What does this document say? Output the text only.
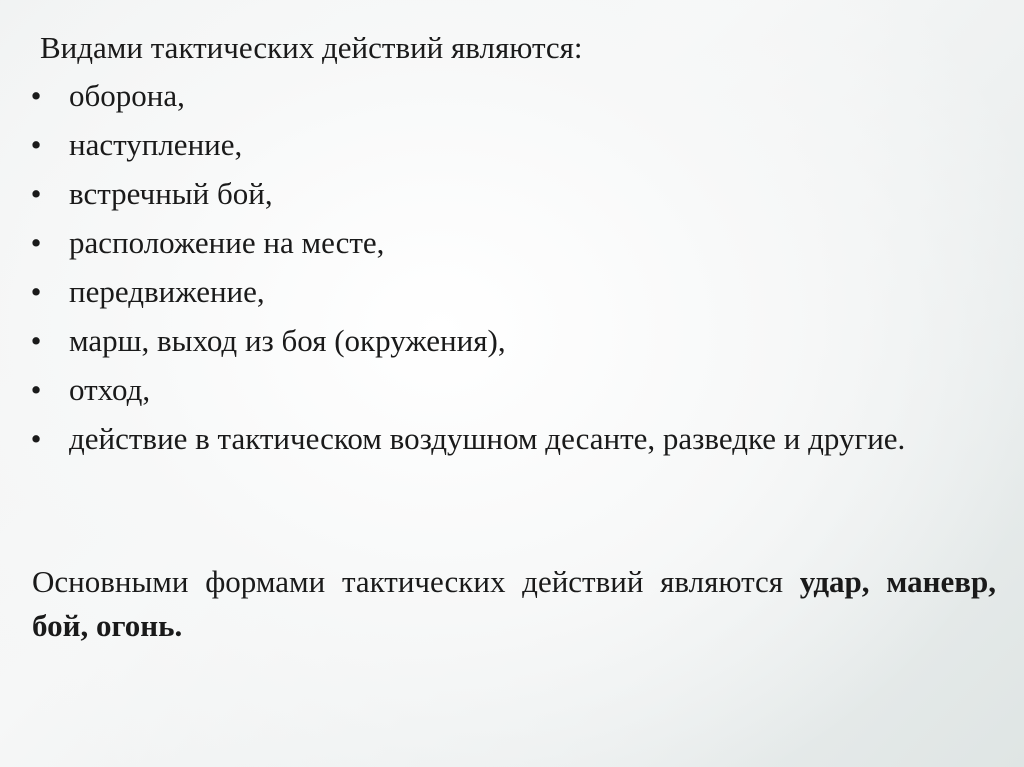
Видами тактических действий являются:
• оборона,
• наступление,
• встречный бой,
• расположение на месте,
• передвижение,
• марш, выход из боя (окружения),
• отход,
• действие в тактическом воздушном десанте, разведке и другие.
Основными формами тактических действий являются удар, маневр, бой, огонь.
